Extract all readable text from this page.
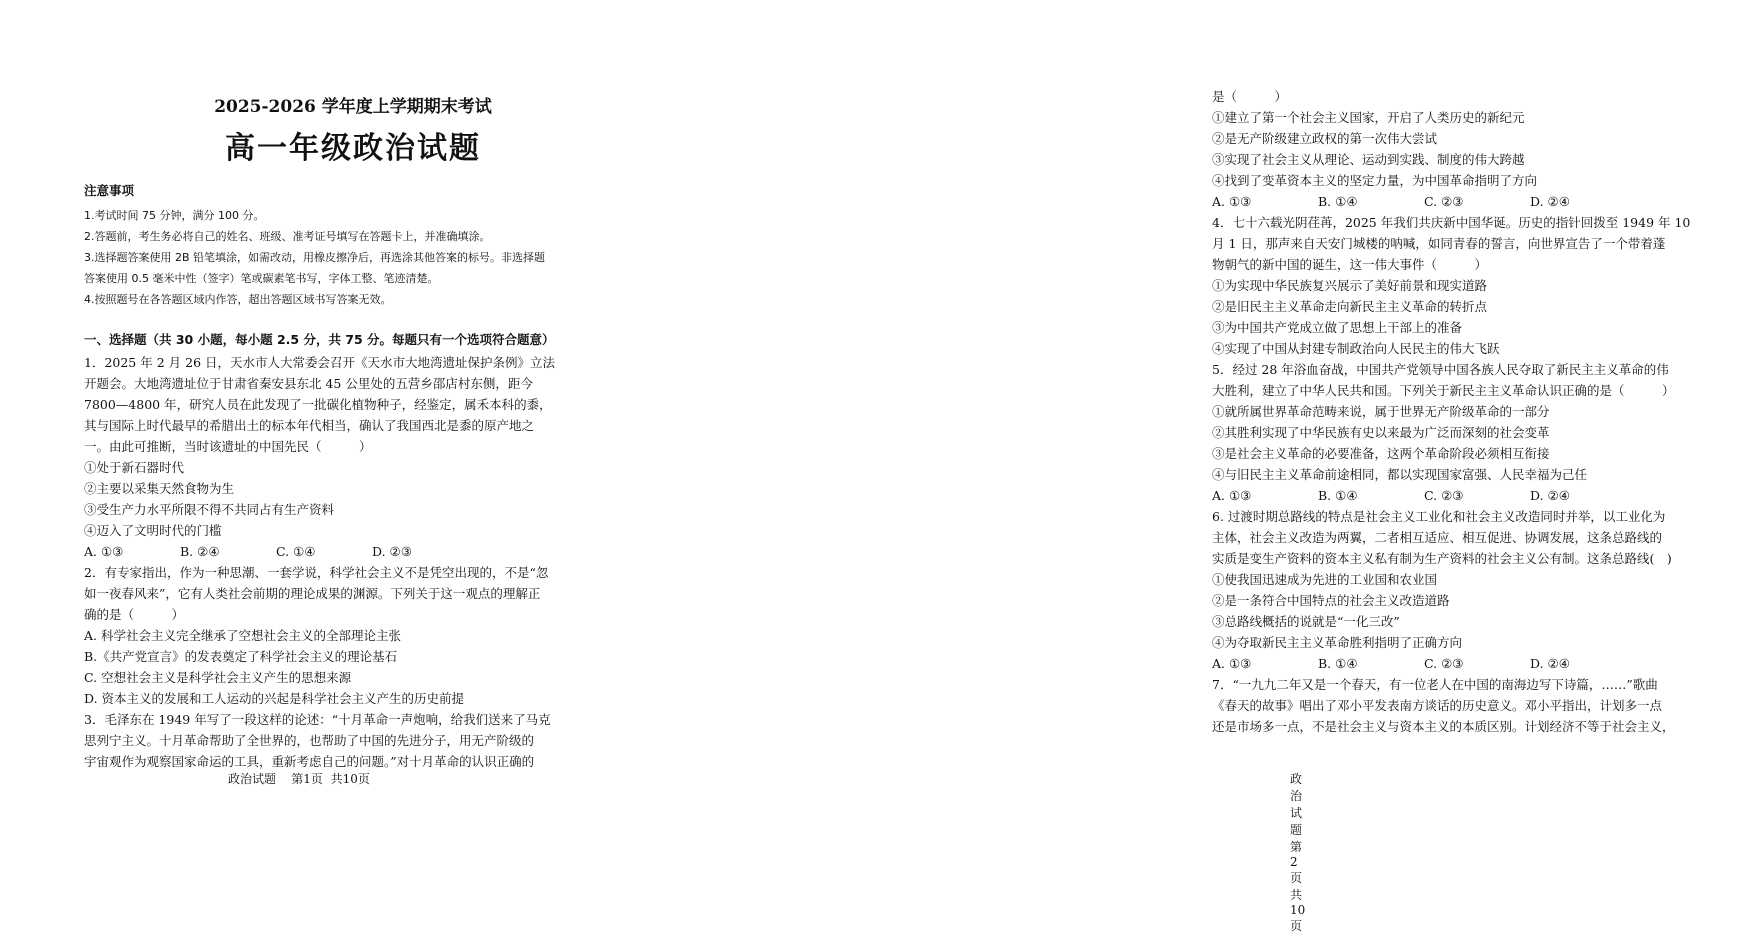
2025-2026 学年度上学期期末考试
高一年级政治试题
注意事项

1.考试时间 75 分钟，满分 100 分。

2.答题前，考生务必将自己的姓名、班级、准考证号填写在答题卡上，并准确填涂。

3.选择题答案使用 2B 铅笔填涂，如需改动，用橡皮擦净后，再选涂其他答案的标号。非选择题

答案使用 0.5 毫米中性（签字）笔或碳素笔书写，字体工整、笔迹清楚。

4.按照题号在各答题区域内作答，超出答题区域书写答案无效。

一、选择题（共 30 小题，每小题 2.5 分，共 75 分。每题只有一个选项符合题意）

1．2025 年 2 月 26 日，天水市人大常委会召开《天水市大地湾遗址保护条例》立法

开题会。大地湾遗址位于甘肃省秦安县东北 45 公里处的五营乡邵店村东侧，距今

7800—4800 年，研究人员在此发现了一批碳化植物种子，经鉴定，属禾本科的黍，

其与国际上时代最早的希腊出土的标本年代相当，确认了我国西北是黍的原产地之

一。由此可推断，当时该遗址的中国先民（　　　）

①处于新石器时代

②主要以采集天然食物为生

③受生产力水平所限不得不共同占有生产资料

④迈入了文明时代的门槛

A. ①③	B. ②④	C. ①④	D. ②③

2．有专家指出，作为一种思潮、一套学说，科学社会主义不是凭空出现的，不是“忽

如一夜春风来”，它有人类社会前期的理论成果的渊源。下列关于这一观点的理解正

确的是（　　　）

A. 科学社会主义完全继承了空想社会主义的全部理论主张

B.《共产党宣言》的发表奠定了科学社会主义的理论基石

C. 空想社会主义是科学社会主义产生的思想来源

D. 资本主义的发展和工人运动的兴起是科学社会主义产生的历史前提

3．毛泽东在 1949 年写了一段这样的论述：“十月革命一声炮响，给我们送来了马克

思列宁主义。十月革命帮助了全世界的，也帮助了中国的先进分子，用无产阶级的

宇宙观作为观察国家命运的工具，重新考虑自己的问题。”对十月革命的认识正确的

政治试题 第1页 共10页

是（　　　）

①建立了第一个社会主义国家，开启了人类历史的新纪元

②是无产阶级建立政权的第一次伟大尝试

③实现了社会主义从理论、运动到实践、制度的伟大跨越

④找到了变革资本主义的坚定力量，为中国革命指明了方向

A. ①③	B. ①④	C. ②③	D. ②④

4．七十六载光阴荏苒，2025 年我们共庆新中国华诞。历史的指针回拨至 1949 年 10

月 1 日，那声来自天安门城楼的呐喊，如同青春的誓言，向世界宣告了一个带着蓬

物朝气的新中国的诞生，这一伟大事件（　　　）

①为实现中华民族复兴展示了美好前景和现实道路

②是旧民主主义革命走向新民主主义革命的转折点

③为中国共产党成立做了思想上干部上的准备

④实现了中国从封建专制政治向人民民主的伟大飞跃

5．经过 28 年浴血奋战，中国共产党领导中国各族人民夺取了新民主主义革命的伟

大胜利，建立了中华人民共和国。下列关于新民主主义革命认识正确的是（　　　）

①就所属世界革命范畴来说，属于世界无产阶级革命的一部分

②其胜利实现了中华民族有史以来最为广泛而深刻的社会变革

③是社会主义革命的必要准备，这两个革命阶段必须相互衔接

④与旧民主主义革命前途相同，都以实现国家富强、人民幸福为己任

A. ①③	B. ①④	C. ②③	D. ②④

6. 过渡时期总路线的特点是社会主义工业化和社会主义改造同时并举，以工业化为

主体，社会主义改造为两翼，二者相互适应、相互促进、协调发展，这条总路线的

实质是变生产资料的资本主义私有制为生产资料的社会主义公有制。这条总路线(　)

①使我国迅速成为先进的工业国和农业国

②是一条符合中国特点的社会主义改造道路

③总路线概括的说就是“一化三改”

④为夺取新民主主义革命胜利指明了正确方向

A. ①③	B. ①④	C. ②③	D. ②④

7．“一九九二年又是一个春天，有一位老人在中国的南海边写下诗篇，……”歌曲

《春天的故事》唱出了邓小平发表南方谈话的历史意义。邓小平指出，计划多一点

还是市场多一点，不是社会主义与资本主义的本质区别。计划经济不等于社会主义，

政治试题  第2页  共10页
